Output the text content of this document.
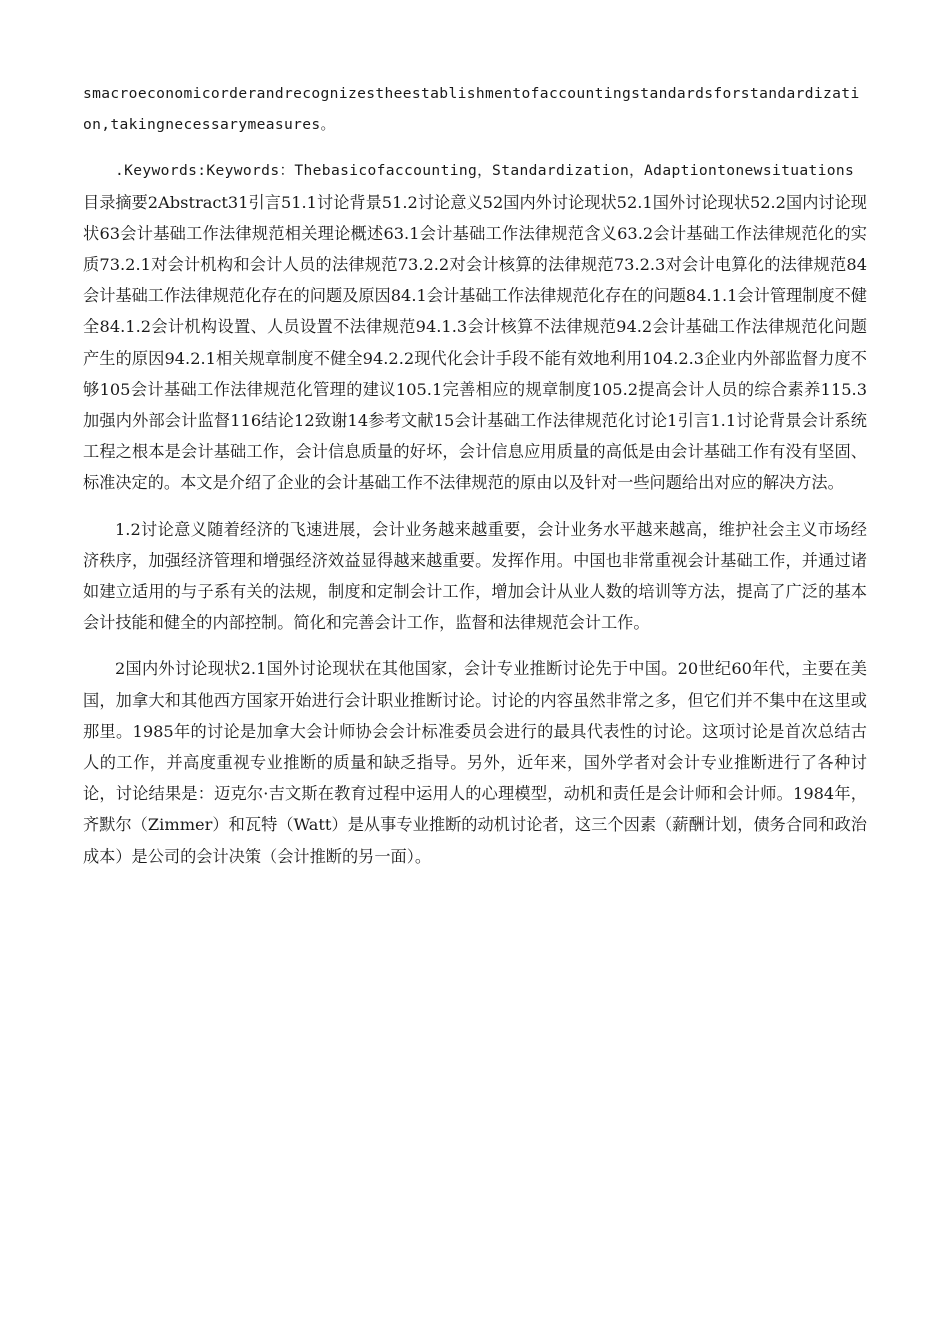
smacroeconomicorderandrecognizestheestablishmentofaccountingstandardsforstandardization,takingnecessarymeasures。

.Keywords:Keywords：Thebasicofaccounting，Standardization，Adaptiontonewsituations

目录摘要2Abstract31引言51.1讨论背景51.2讨论意义52国内外讨论现状52.1国外讨论现状52.2国内讨论现状63会计基础工作法律规范相关理论概述63.1会计基础工作法律规范含义63.2会计基础工作法律规范化的实质73.2.1对会计机构和会计人员的法律规范73.2.2对会计核算的法律规范73.2.3对会计电算化的法律规范84会计基础工作法律规范化存在的问题及原因84.1会计基础工作法律规范化存在的问题84.1.1会计管理制度不健全84.1.2会计机构设置、人员设置不法律规范94.1.3会计核算不法律规范94.2会计基础工作法律规范化问题产生的原因94.2.1相关规章制度不健全94.2.2现代化会计手段不能有效地利用104.2.3企业内外部监督力度不够105会计基础工作法律规范化管理的建议105.1完善相应的规章制度105.2提高会计人员的综合素养115.3加强内外部会计监督116结论12致谢14参考文献15会计基础工作法律规范化讨论1引言1.1讨论背景会计系统工程之根本是会计基础工作，会计信息质量的好坏，会计信息应用质量的高低是由会计基础工作有没有坚固、标准决定的。本文是介绍了企业的会计基础工作不法律规范的原由以及针对一些问题给出对应的解决方法。

1.2讨论意义随着经济的飞速进展，会计业务越来越重要，会计业务水平越来越高，维护社会主义市场经济秩序，加强经济管理和增强经济效益显得越来越重要。发挥作用。中国也非常重视会计基础工作，并通过诸如建立适用的与子系有关的法规，制度和定制会计工作，增加会计从业人数的培训等方法，提高了广泛的基本会计技能和健全的内部控制。简化和完善会计工作，监督和法律规范会计工作。

2国内外讨论现状2.1国外讨论现状在其他国家，会计专业推断讨论先于中国。20世纪60年代，主要在美国，加拿大和其他西方国家开始进行会计职业推断讨论。讨论的内容虽然非常之多，但它们并不集中在这里或那里。1985年的讨论是加拿大会计师协会会计标准委员会进行的最具代表性的讨论。这项讨论是首次总结古人的工作，并高度重视专业推断的质量和缺乏指导。另外，近年来，国外学者对会计专业推断进行了各种讨论，讨论结果是：迈克尔·吉文斯在教育过程中运用人的心理模型，动机和责任是会计师和会计师。1984年，齐默尔（Zimmer）和瓦特（Watt）是从事专业推断的动机讨论者，这三个因素（薪酬计划，债务合同和政治成本）是公司的会计决策（会计推断的另一面）。
